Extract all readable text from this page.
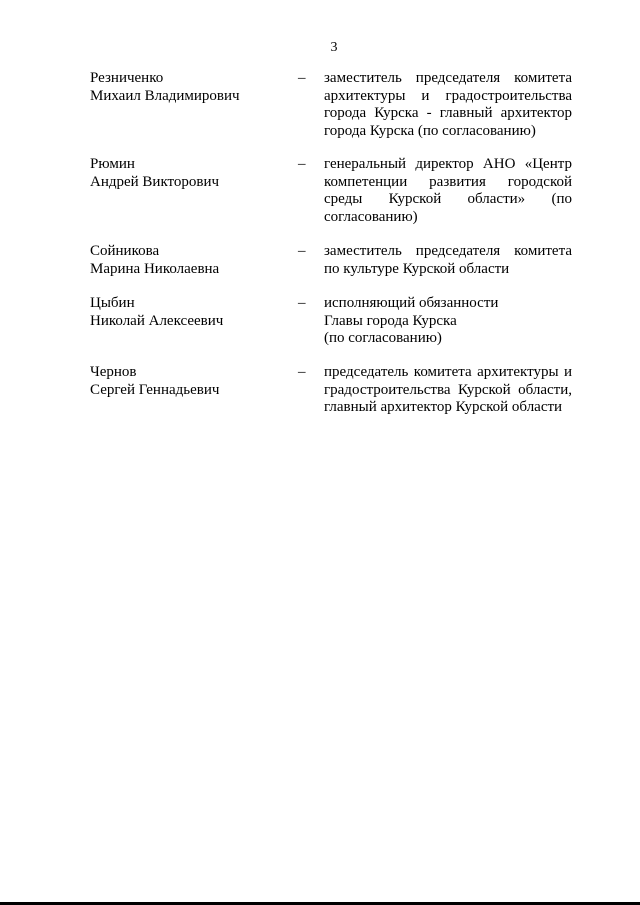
3
Резниченко
Михаил Владимирович
– заместитель председателя комитета
архитектуры и градостроительства
города Курска - главный архитектор
города Курска (по согласованию)
Рюмин
Андрей Викторович
– генеральный директор АНО «Центр
компетенции развития городской
среды Курской области» (по
согласованию)
Сойникова
Марина Николаевна
– заместитель председателя комитета
по культуре Курской области
Цыбин
Николай Алексеевич
– исполняющий обязанности
Главы города Курска
(по согласованию)
Чернов
Сергей Геннадьевич
– председатель комитета архитектуры и
градостроительства Курской области,
главный архитектор Курской области
